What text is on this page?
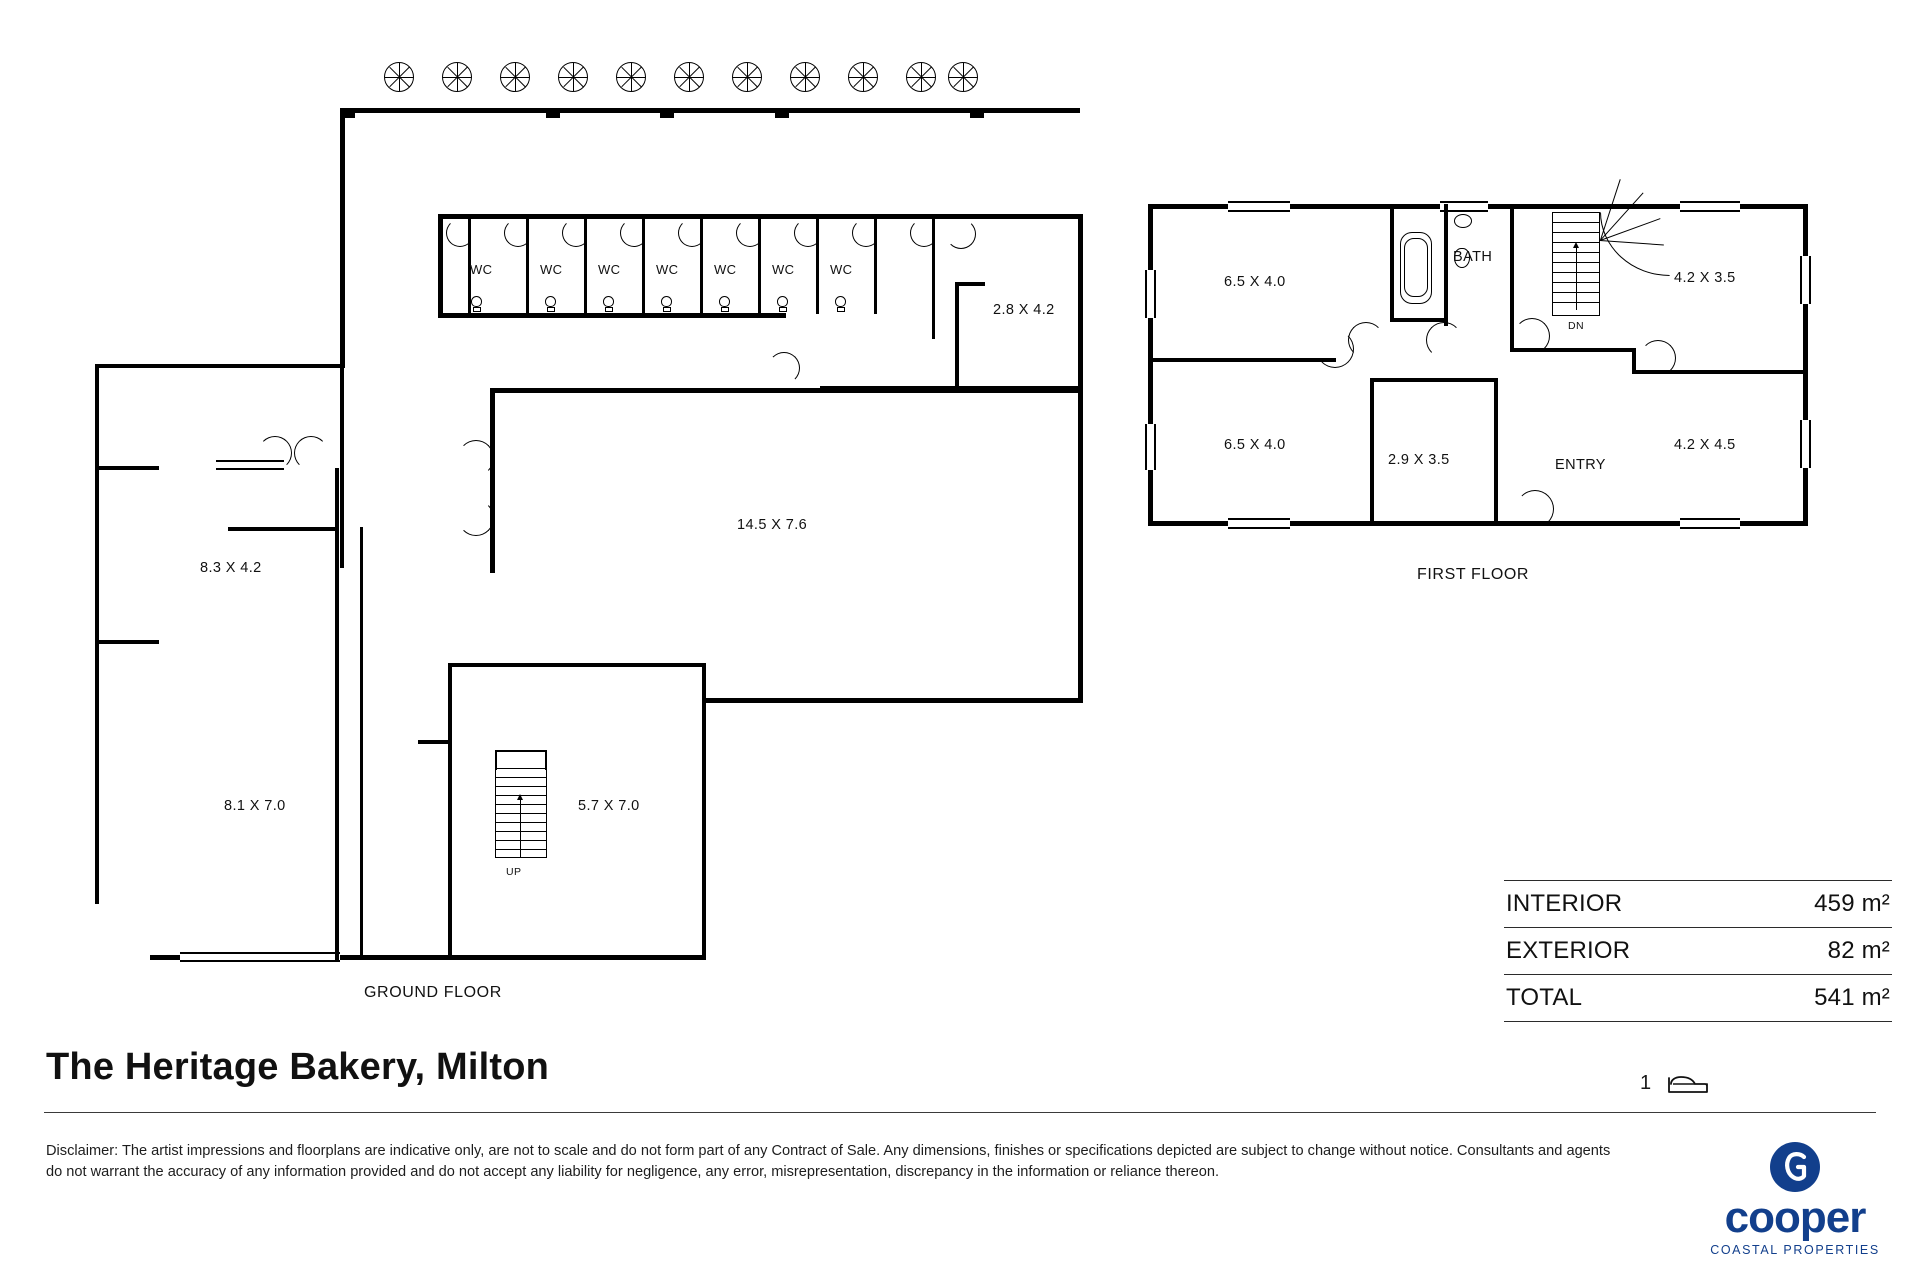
WC	WC	WC	WC	WC	WC	WC
2.8 X 4.2
14.5 X 7.6
8.3 X 4.2
8.1 X 7.0	5.7 X 7.0
UP
GROUND FLOOR
DN
6.5 X 4.0
6.5 X 4.0
2.9 X 3.5
4.2 X 3.5
4.2 X 4.5
BATH
ENTRY
FIRST FLOOR
INTERIOR	459 m²
EXTERIOR	82 m²
TOTAL	541 m²
1
The Heritage Bakery, Milton
Disclaimer: The artist impressions and floorplans are indicative only, are not to scale and do not form part of any Contract of Sale. Any dimensions, finishes or specifications depicted are subject to change without notice. Consultants and agents do not warrant the accuracy of any information provided and do not accept any liability for negligence, any error, misrepresentation, discrepancy in the information or reliance thereon.
cooper
COASTAL PROPERTIES
